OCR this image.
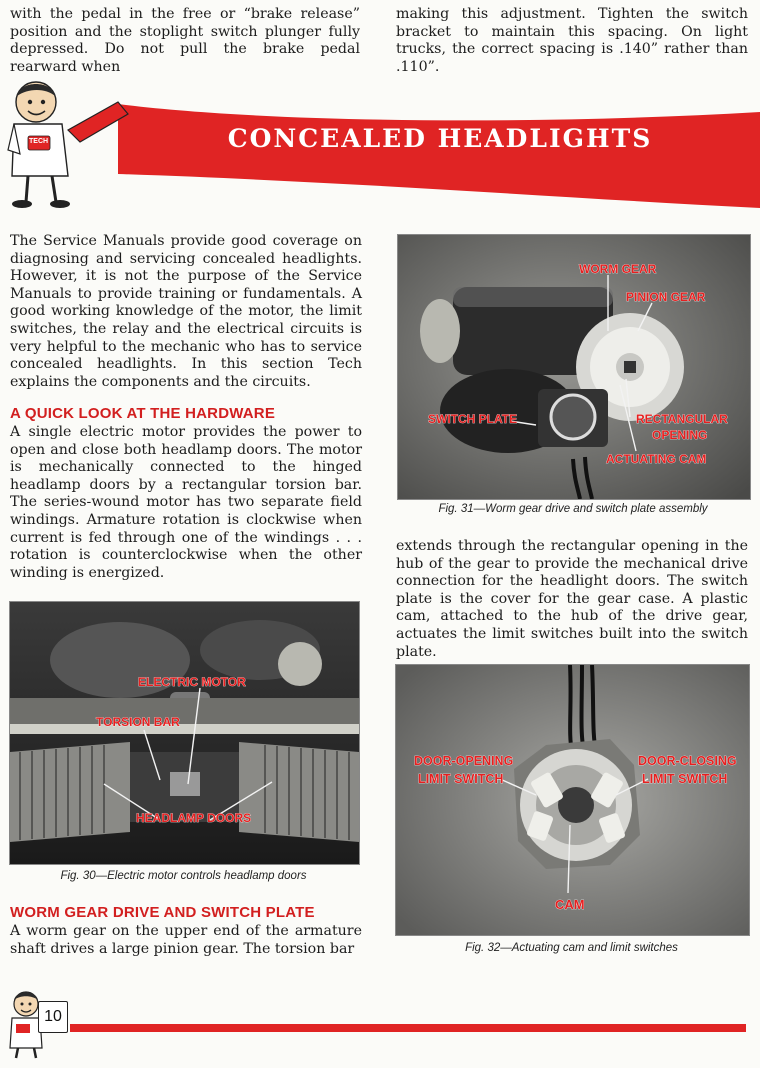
with the pedal in the free or “brake release” position and the stoplight switch plunger fully depressed. Do not pull the brake pedal rearward when

making this adjustment. Tighten the switch bracket to maintain this spacing. On light trucks, the correct spacing is .140” rather than .110”.

TECH	CONCEALED HEADLIGHTS

The Service Manuals provide good coverage on diagnosing and servicing concealed headlights. However, it is not the purpose of the Service Manuals to provide training or fundamentals. A good working knowledge of the motor, the limit switches, the relay and the electrical circuits is very helpful to the mechanic who has to service concealed headlights. In this section Tech explains the components and the circuits.

A QUICK LOOK AT THE HARDWARE

A single electric motor provides the power to open and close both headlamp doors. The motor is mechanically connected to the hinged headlamp doors by a rectangular torsion bar. The series-wound motor has two separate field windings. Armature rotation is clockwise when current is fed through one of the windings . . . rotation is counterclockwise when the other winding is energized.

WORM GEAR
PINION GEAR
SWITCH PLATE	RECTANGULAR
OPENING
ACTUATING CAM

Fig. 31—Worm gear drive and switch plate assembly

extends through the rectangular opening in the hub of the gear to provide the mechanical drive connection for the headlight doors. The switch plate is the cover for the gear case. A plastic cam, attached to the hub of the drive gear, actuates the limit switches built into the switch plate.

ELECTRIC MOTOR
TORSION BAR
HEADLAMP DOORS

Fig. 30—Electric motor controls headlamp doors

WORM GEAR DRIVE AND SWITCH PLATE

A worm gear on the upper end of the armature shaft drives a large pinion gear. The torsion bar

DOOR-OPENING
LIMIT SWITCH
DOOR-CLOSING
LIMIT SWITCH
CAM

Fig. 32—Actuating cam and limit switches

10
